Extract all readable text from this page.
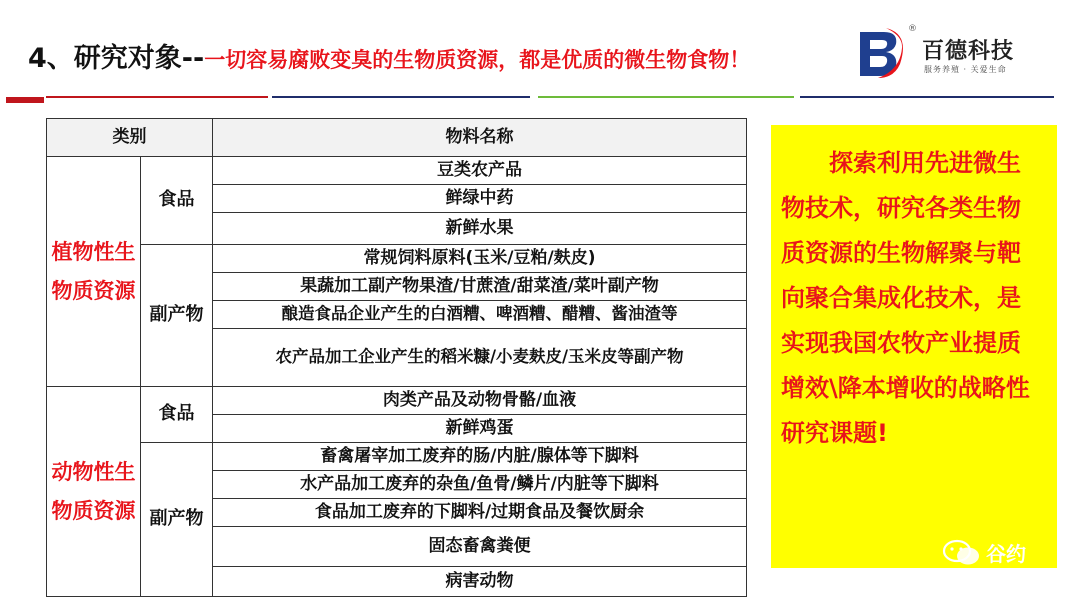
4、研究对象--一切容易腐败变臭的生物质资源，都是优质的微生物食物！
®
百德科技
服务养殖 · 关爱生命
类别		物料名称
植物性生物质资源	食品	豆类农产品
		鲜绿中药
		新鲜水果
	副产物	常规饲料原料(玉米/豆粕/麸皮)
		果蔬加工副产物果渣/甘蔗渣/甜菜渣/菜叶副产物
		酿造食品企业产生的白酒糟、啤酒糟、醋糟、酱油渣等
		农产品加工企业产生的稻米糠/小麦麸皮/玉米皮等副产物
动物性生物质资源	食品	肉类产品及动物骨骼/血液
		新鲜鸡蛋
	副产物	畜禽屠宰加工废弃的肠/内脏/腺体等下脚料
		水产品加工废弃的杂鱼/鱼骨/鳞片/内脏等下脚料
		食品加工废弃的下脚料/过期食品及餐饮厨余
		固态畜禽粪便
		病害动物
探索利用先进微生物技术，研究各类生物质资源的生物解聚与靶向聚合集成化技术，是实现我国农牧产业提质增效\降本增收的战略性研究课题!
谷约
